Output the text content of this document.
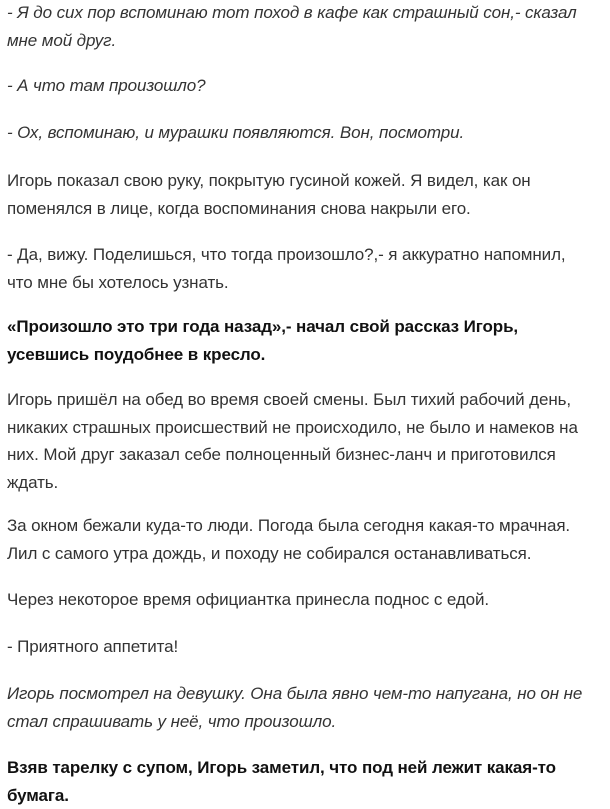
- Я до сих пор вспоминаю тот поход в кафе как страшный сон,- сказал мне мой друг.

- А что там произошло?

- Ох, вспоминаю, и мурашки появляются. Вон, посмотри.

Игорь показал свою руку, покрытую гусиной кожей. Я видел, как он поменялся в лице, когда воспоминания снова накрыли его.

- Да, вижу. Поделишься, что тогда произошло?,- я аккуратно напомнил, что мне бы хотелось узнать.

«Произошло это три года назад»,- начал свой рассказ Игорь, усевшись поудобнее в кресло.

Игорь пришёл на обед во время своей смены. Был тихий рабочий день, никаких страшных происшествий не происходило, не было и намеков на них. Мой друг заказал себе полноценный бизнес-ланч и приготовился ждать.

За окном бежали куда-то люди. Погода была сегодня какая-то мрачная. Лил с самого утра дождь, и походу не собирался останавливаться.

Через некоторое время официантка принесла поднос с едой.

- Приятного аппетита!

Игорь посмотрел на девушку. Она была явно чем-то напугана, но он не стал спрашивать у неё, что произошло.

Взяв тарелку с супом, Игорь заметил, что под ней лежит какая-то бумага.
